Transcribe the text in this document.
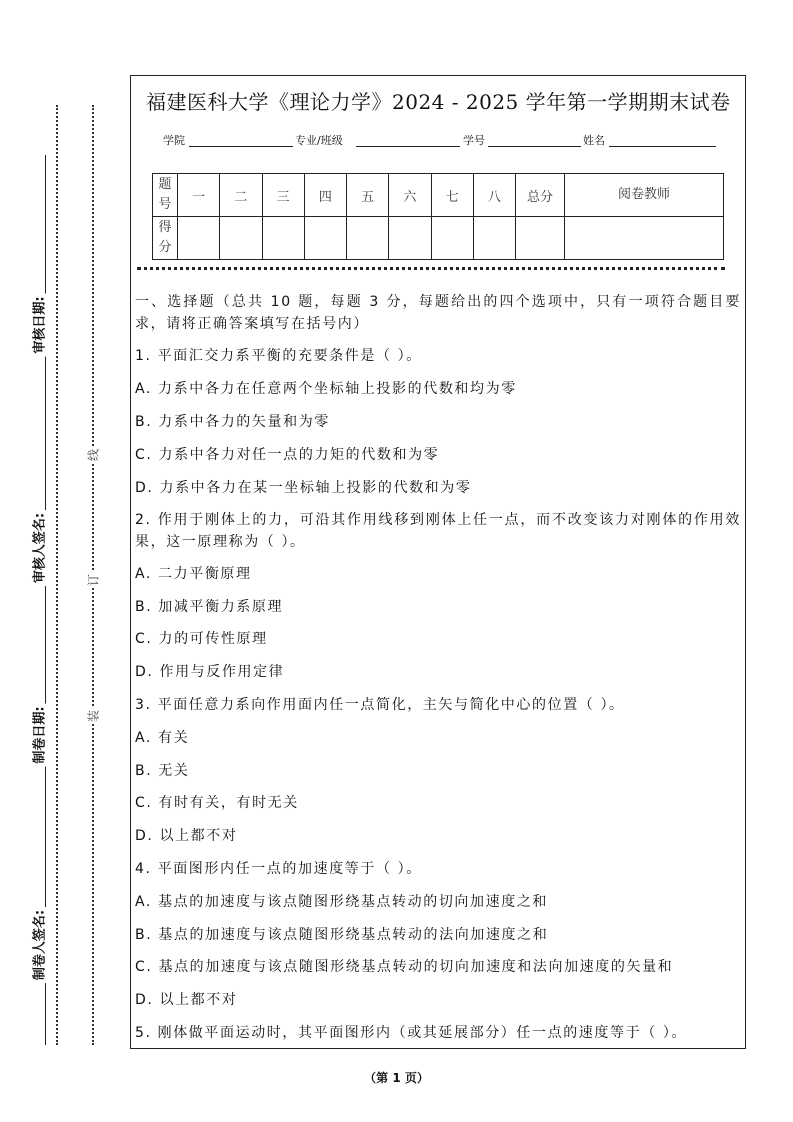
审核日期:
审核人签名:
制卷日期:
制卷人签名:
线
订
装
福建医科大学《理论力学》2024 - 2025 学年第一学期期末试卷
学院	专业/班级	学号	姓名
题号	一	二	三	四	五	六	七	八	总分	阅卷教师
得分										
一、选择题（总共 10 题，每题 3 分，每题给出的四个选项中，只有一项符合题目要求，请将正确答案填写在括号内）
1. 平面汇交力系平衡的充要条件是（ ）。
A. 力系中各力在任意两个坐标轴上投影的代数和均为零
B. 力系中各力的矢量和为零
C. 力系中各力对任一点的力矩的代数和为零
D. 力系中各力在某一坐标轴上投影的代数和为零
2. 作用于刚体上的力，可沿其作用线移到刚体上任一点，而不改变该力对刚体的作用效果，这一原理称为（ ）。
A. 二力平衡原理
B. 加减平衡力系原理
C. 力的可传性原理
D. 作用与反作用定律
3. 平面任意力系向作用面内任一点简化，主矢与简化中心的位置（ ）。
A. 有关
B. 无关
C. 有时有关，有时无关
D. 以上都不对
4. 平面图形内任一点的加速度等于（ ）。
A. 基点的加速度与该点随图形绕基点转动的切向加速度之和
B. 基点的加速度与该点随图形绕基点转动的法向加速度之和
C. 基点的加速度与该点随图形绕基点转动的切向加速度和法向加速度的矢量和
D. 以上都不对
5. 刚体做平面运动时，其平面图形内（或其延展部分）任一点的速度等于（ ）。
（第 1 页）
